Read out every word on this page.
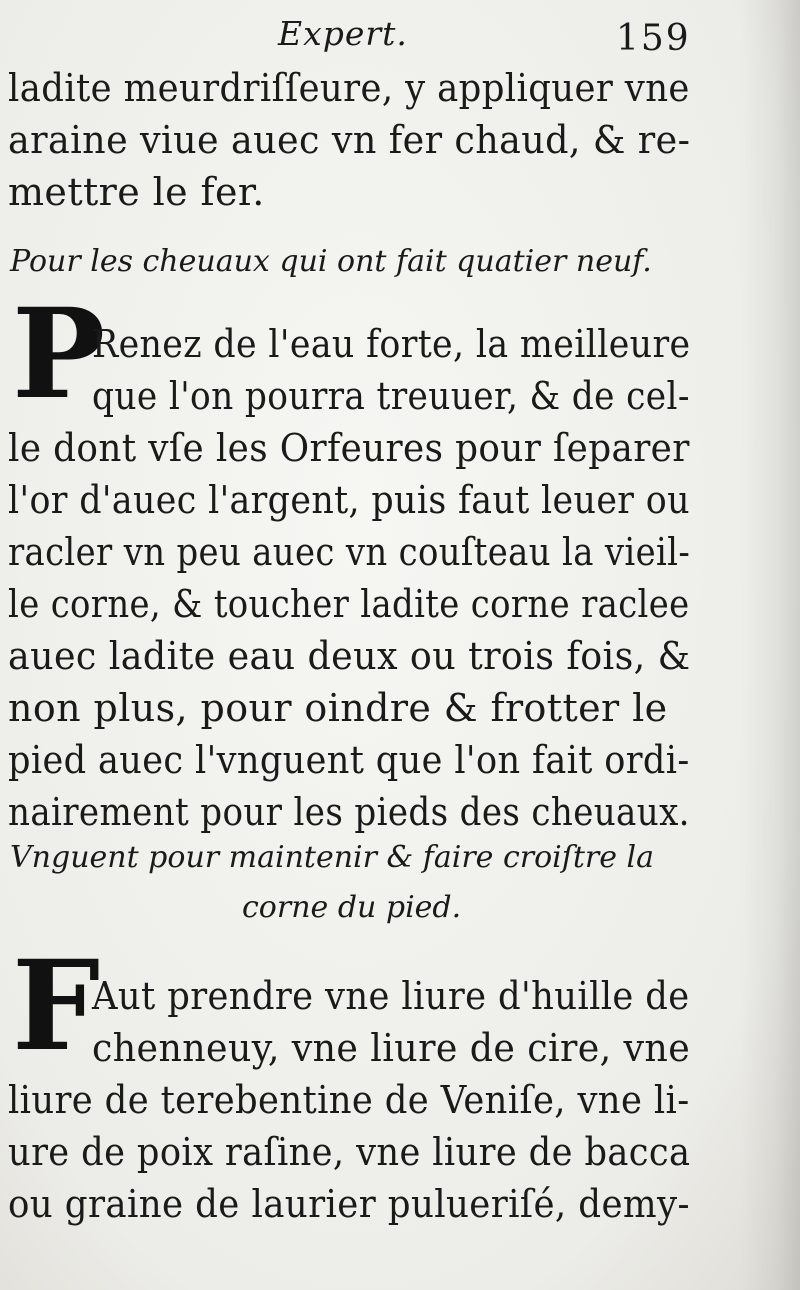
Expert.	159
ladite meurdriſſeure, y appliquer vne
araine viue auec vn fer chaud, & re-
mettre le fer.
Pour les cheuaux qui ont fait quatier neuf.
P
Renez de l'eau forte, la meilleure
que l'on pourra treuuer, & de cel-
le dont vſe les Orfeures pour ſeparer
l'or d'auec l'argent, puis faut leuer ou
racler vn peu auec vn couſteau la vieil-
le corne, & toucher ladite corne raclee
auec ladite eau deux ou trois fois, &
non plus, pour oindre & frotter le
pied auec l'vnguent que l'on fait ordi-
nairement pour les pieds des cheuaux.
Vnguent pour maintenir & faire croiſtre la
corne du pied.
F
Aut prendre vne liure d'huille de
chenneuy, vne liure de cire, vne
liure de terebentine de Veniſe, vne li-
ure de poix raſine, vne liure de bacca
ou graine de laurier pulueriſé, demy-
